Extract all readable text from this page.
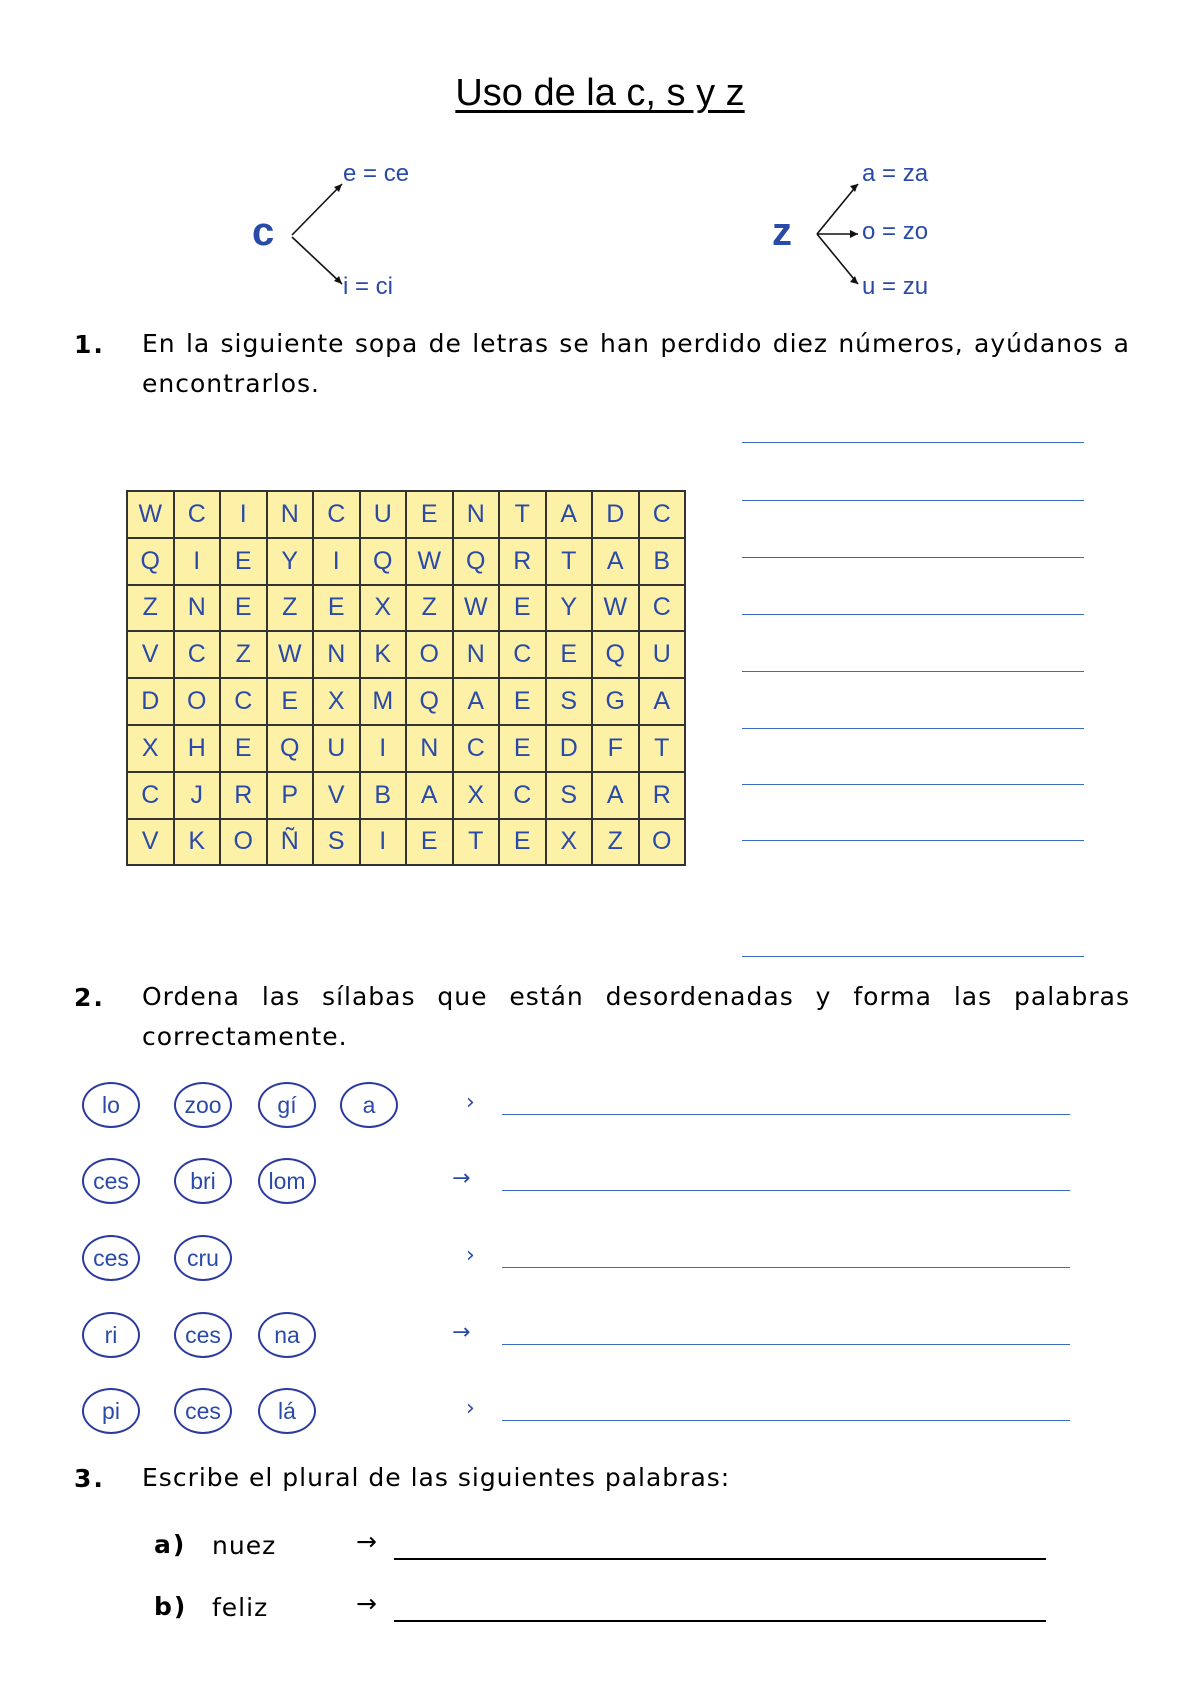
Uso de la c, s y z
c
e = ce
i = ci
z
a = za
o = zo
u = zu
1. En la siguiente sopa de letras se han perdido diez números, ayúdanos a encontrarlos.
W	C	I	N	C	U	E	N	T	A	D	C
Q	I	E	Y	I	Q	W	Q	R	T	A	B
Z	N	E	Z	E	X	Z	W	E	Y	W	C
V	C	Z	W	N	K	O	N	C	E	Q	U
D	O	C	E	X	M	Q	A	E	S	G	A
X	H	E	Q	U	I	N	C	E	D	F	T
C	J	R	P	V	B	A	X	C	S	A	R
V	K	O	Ñ	S	I	E	T	E	X	Z	O
2. Ordena las sílabas que están desordenadas y forma las palabras correctamente.
lo	zoo	gí	a	›
ces	bri	lom	→
ces	cru	›
ri	ces	na	→
pi	ces	lá	›
3. Escribe el plural de las siguientes palabras:
a) nuez	→
b) feliz	→
